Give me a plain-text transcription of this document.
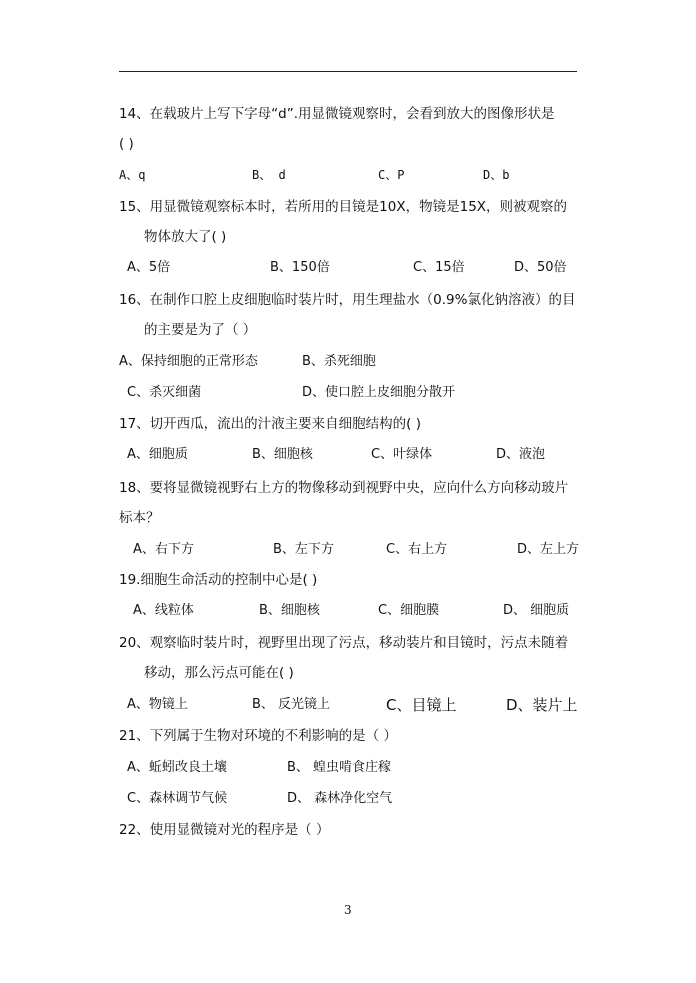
14、在载玻片上写下字母“d”.用显微镜观察时，会看到放大的图像形状是
( )
A、q	B、 d	C、P	D、b
15、用显微镜观察标本时，若所用的目镜是10X，物镜是15X，则被观察的
物体放大了( )
A、5倍	B、150倍	C、15倍	D、50倍
16、在制作口腔上皮细胞临时装片时，用生理盐水（0.9%氯化钠溶液）的目
的主要是为了（ ）
A、保持细胞的正常形态	B、杀死细胞
C、杀灭细菌	D、使口腔上皮细胞分散开
17、切开西瓜，流出的汁液主要来自细胞结构的( )
A、细胞质	B、细胞核	C、叶绿体	D、液泡
18、要将显微镜视野右上方的物像移动到视野中央，应向什么方向移动玻片
标本？
A、右下方	B、左下方	C、右上方	D、左上方
19.细胞生命活动的控制中心是( )
A、线粒体	B、细胞核	C、细胞膜	D、 细胞质
20、观察临时装片时，视野里出现了污点，移动装片和目镜时，污点未随着
移动，那么污点可能在( )
A、物镜上	B、 反光镜上	C、目镜上	D、装片上
21、下列属于生物对环境的不利影响的是（ ）
A、蚯蚓改良土壤	B、 蝗虫啃食庄稼
C、森林调节气候	D、 森林净化空气
22、使用显微镜对光的程序是（ ）
3
